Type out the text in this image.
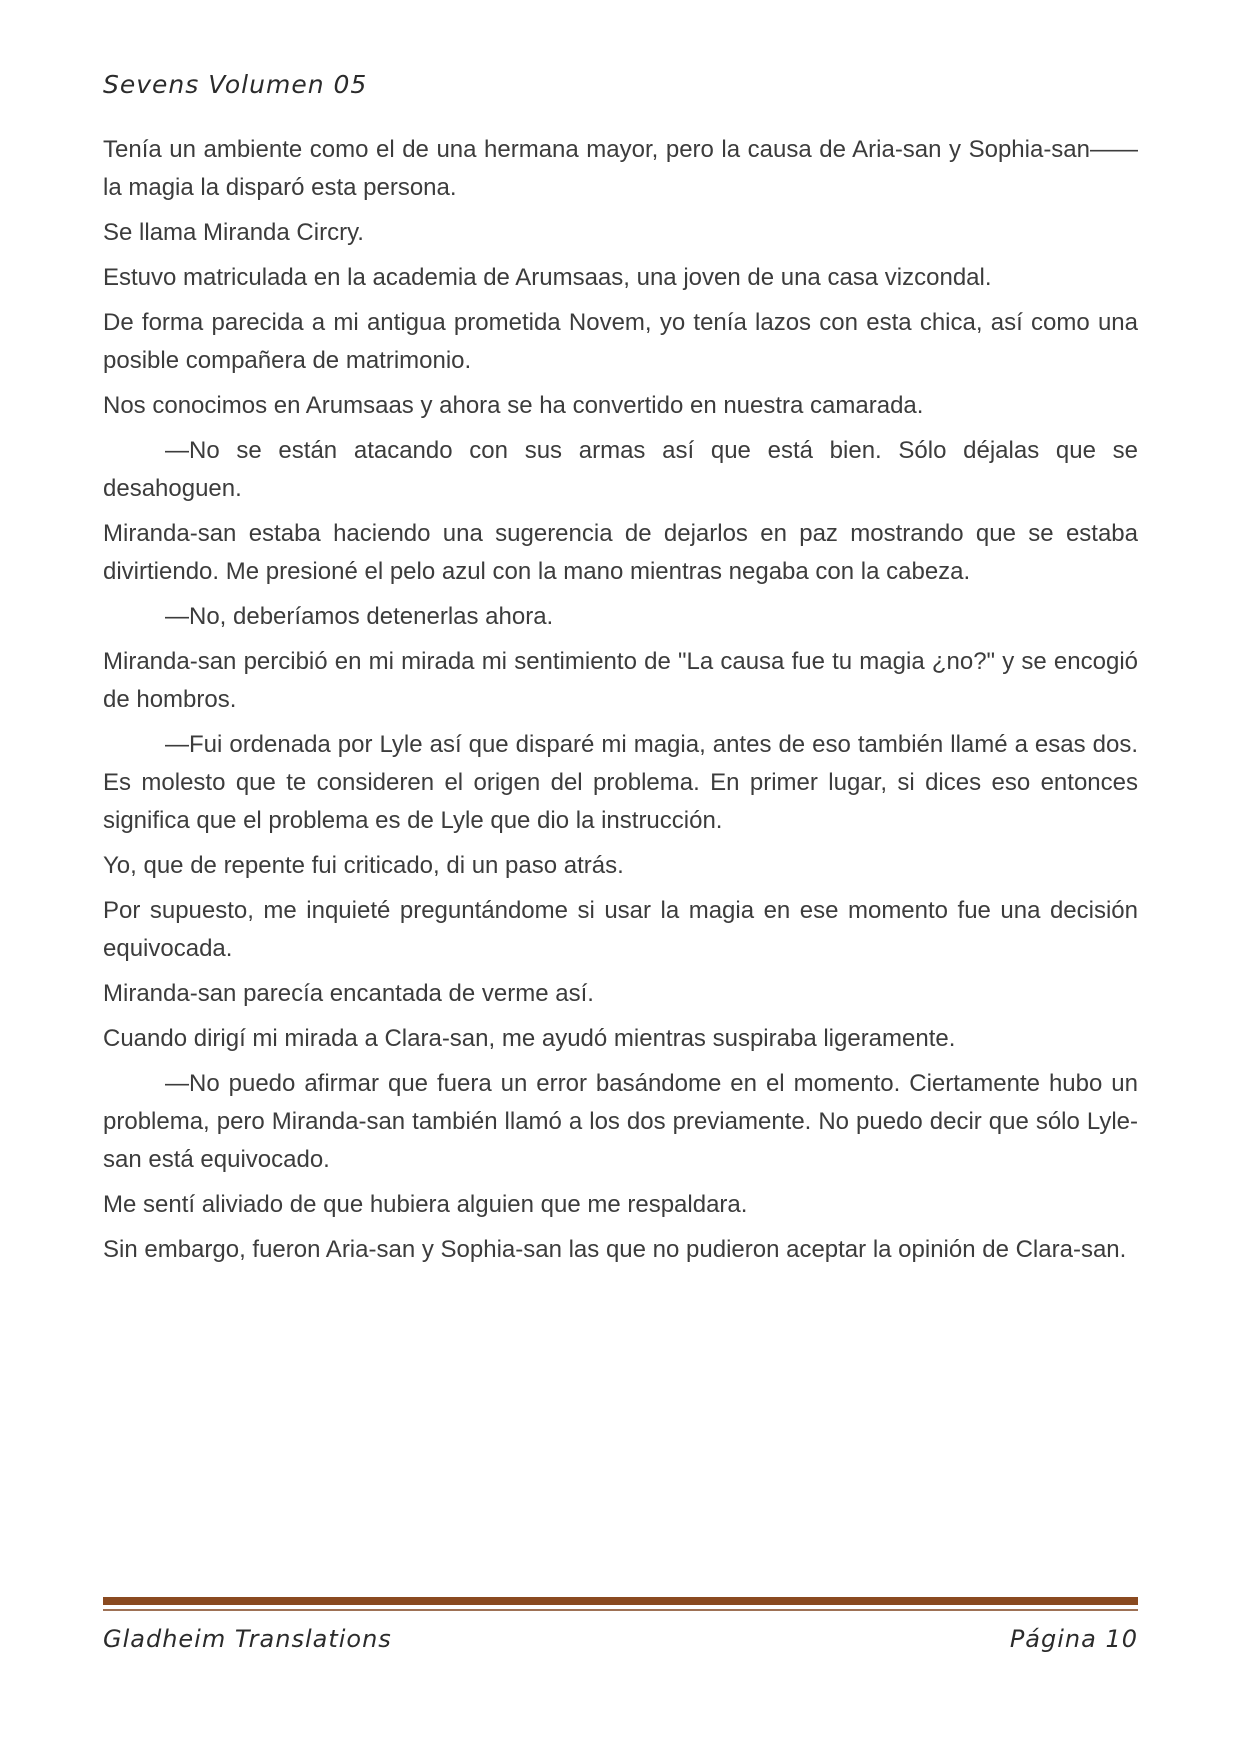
Sevens Volumen 05

Tenía un ambiente como el de una hermana mayor, pero la causa de Aria-san y Sophia-san—— la magia la disparó esta persona.

Se llama Miranda Circry.

Estuvo matriculada en la academia de Arumsaas, una joven de una casa vizcondal.

De forma parecida a mi antigua prometida Novem, yo tenía lazos con esta chica, así como una posible compañera de matrimonio.

Nos conocimos en Arumsaas y ahora se ha convertido en nuestra camarada.

—No se están atacando con sus armas así que está bien. Sólo déjalas que se desahoguen.

Miranda-san estaba haciendo una sugerencia de dejarlos en paz mostrando que se estaba divirtiendo. Me presioné el pelo azul con la mano mientras negaba con la cabeza.

—No, deberíamos detenerlas ahora.

Miranda-san percibió en mi mirada mi sentimiento de "La causa fue tu magia ¿no?" y se encogió de hombros.

—Fui ordenada por Lyle así que disparé mi magia, antes de eso también llamé a esas dos. Es molesto que te consideren el origen del problema. En primer lugar, si dices eso entonces significa que el problema es de Lyle que dio la instrucción.

Yo, que de repente fui criticado, di un paso atrás.

Por supuesto, me inquieté preguntándome si usar la magia en ese momento fue una decisión equivocada.

Miranda-san parecía encantada de verme así.

Cuando dirigí mi mirada a Clara-san, me ayudó mientras suspiraba ligeramente.

—No puedo afirmar que fuera un error basándome en el momento. Ciertamente hubo un problema, pero Miranda-san también llamó a los dos previamente. No puedo decir que sólo Lyle-san está equivocado.

Me sentí aliviado de que hubiera alguien que me respaldara.

Sin embargo, fueron Aria-san y Sophia-san las que no pudieron aceptar la opinión de Clara-san.

Gladheim Translations	Página 10
